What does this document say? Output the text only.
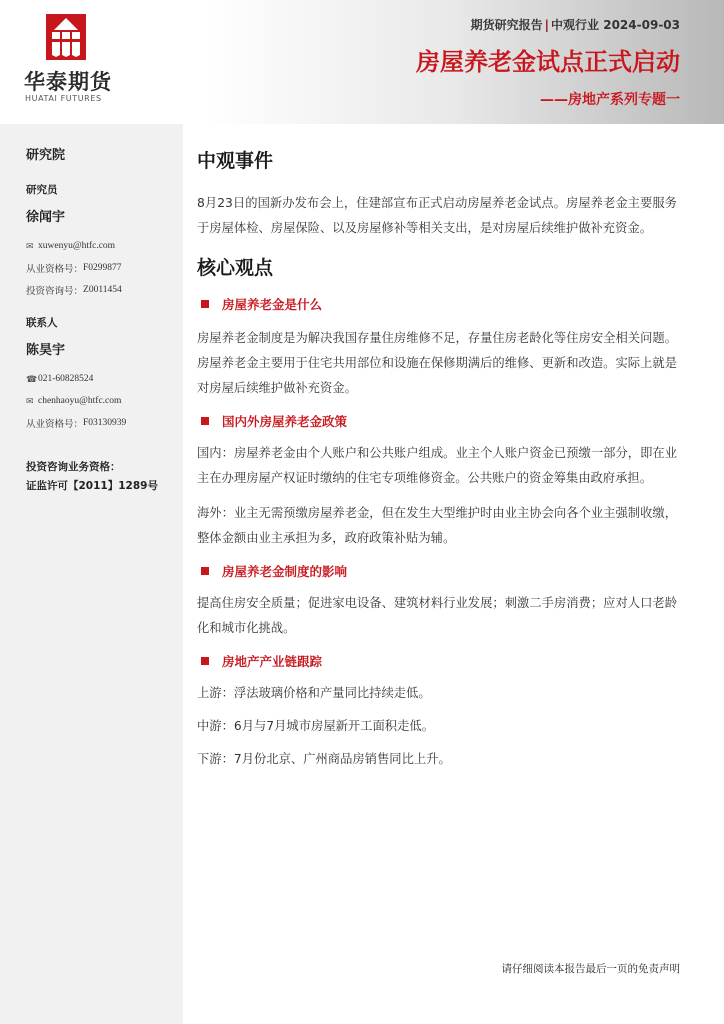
华泰期货
HUATAI FUTURES
期货研究报告 | 中观行业 2024-09-03
房屋养老金试点正式启动
——房地产系列专题一
研究院
研究员
徐闻宇
✉ xuwenyu@htfc.com
从业资格号： F0299877
投资咨询号： Z0011454
联系人
陈昊宇
☎ 021-60828524
✉ chenhaoyu@htfc.com
从业资格号： F03130939
投资咨询业务资格：
证监许可【2011】1289号
中观事件
8月23日的国新办发布会上，住建部宣布正式启动房屋养老金试点。房屋养老金主要服务于房屋体检、房屋保险、以及房屋修补等相关支出，是对房屋后续维护做补充资金。
核心观点
房屋养老金是什么
房屋养老金制度是为解决我国存量住房维修不足，存量住房老龄化等住房安全相关问题。房屋养老金主要用于住宅共用部位和设施在保修期满后的维修、更新和改造。实际上就是对房屋后续维护做补充资金。
国内外房屋养老金政策
国内：房屋养老金由个人账户和公共账户组成。业主个人账户资金已预缴一部分，即在业主在办理房屋产权证时缴纳的住宅专项维修资金。公共账户的资金筹集由政府承担。
海外：业主无需预缴房屋养老金，但在发生大型维护时由业主协会向各个业主强制收缴，整体金额由业主承担为多，政府政策补贴为辅。
房屋养老金制度的影响
提高住房安全质量；促进家电设备、建筑材料行业发展；刺激二手房消费；应对人口老龄化和城市化挑战。
房地产产业链跟踪
上游：浮法玻璃价格和产量同比持续走低。
中游：6月与7月城市房屋新开工面积走低。
下游：7月份北京、广州商品房销售同比上升。
请仔细阅读本报告最后一页的免责声明
